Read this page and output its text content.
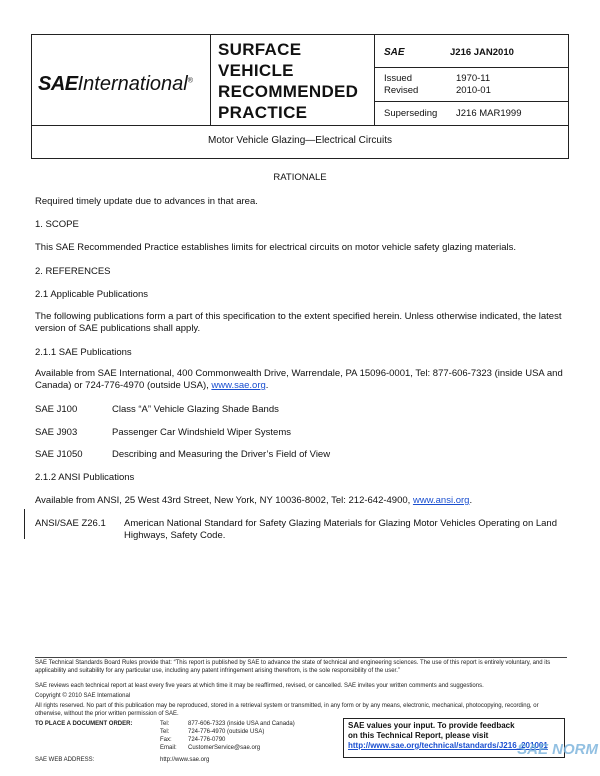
SAEInternational®
SURFACE
VEHICLE
RECOMMENDED
PRACTICE
SAE	J216 JAN2010
Issued	1970-11
Revised	2010-01
Superseding J216 MAR1999
Motor Vehicle Glazing—Electrical Circuits
RATIONALE
Required timely update due to advances in that area.
1. SCOPE
This SAE Recommended Practice establishes limits for electrical circuits on motor vehicle safety glazing materials.
2. REFERENCES
2.1 Applicable Publications
The following publications form a part of this specification to the extent specified herein. Unless otherwise indicated, the latest version of SAE publications shall apply.
2.1.1 SAE Publications
Available from SAE International, 400 Commonwealth Drive, Warrendale, PA 15096-0001, Tel: 877-606-7323 (inside USA and Canada) or 724-776-4970 (outside USA), www.sae.org.
SAE J100	Class “A” Vehicle Glazing Shade Bands
SAE J903	Passenger Car Windshield Wiper Systems
SAE J1050	Describing and Measuring the Driver’s Field of View
2.1.2 ANSI Publications
Available from ANSI, 25 West 43rd Street, New York, NY 10036-8002, Tel: 212-642-4900, www.ansi.org.
ANSI/SAE Z26.1 American National Standard for Safety Glazing Materials for Glazing Motor Vehicles Operating on Land Highways, Safety Code.
SAE Technical Standards Board Rules provide that: “This report is published by SAE to advance the state of technical and engineering sciences. The use of this report is entirely voluntary, and its applicability and suitability for any particular use, including any patent infringement arising therefrom, is the sole responsibility of the user.”
SAE reviews each technical report at least every five years at which time it may be reaffirmed, revised, or cancelled. SAE invites your written comments and suggestions.
Copyright © 2010 SAE International
All rights reserved. No part of this publication may be reproduced, stored in a retrieval system or transmitted, in any form or by any means, electronic, mechanical, photocopying, recording, or otherwise, without the prior written permission of SAE.
TO PLACE A DOCUMENT ORDER:	Tel:	877-606-7323 (inside USA and Canada)
Tel:	724-776-4970 (outside USA)
Fax:	724-776-0790
Email:	CustomerService@sae.org
SAE WEB ADDRESS:	http://www.sae.org
SAE values your input. To provide feedback
on this Technical Report, please visit
http://www.sae.org/technical/standards/J216_201001
SAE NORM
